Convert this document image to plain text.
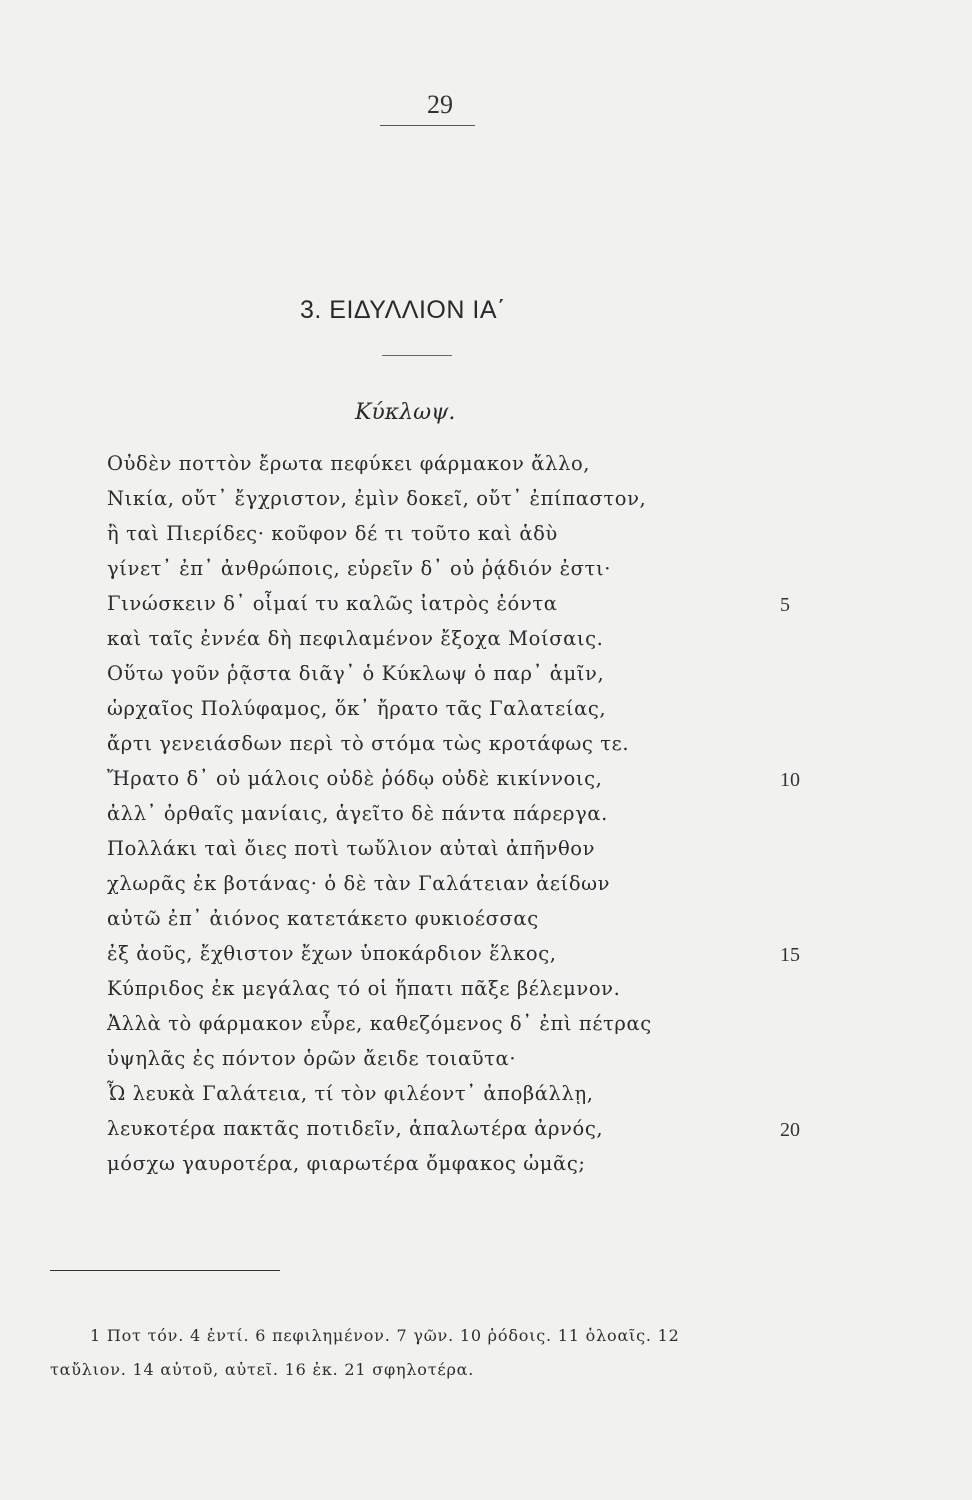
29
3. ΕΙΔΥΛΛΙΟΝ ΙΑ΄
Κύκλωψ.
Οὐδὲν ποττὸν ἔρωτα πεφύκει φάρμακον ἄλλο,
Νικία, οὔτ᾽ ἔγχριστον, ἐμὶν δοκεῖ, οὔτ᾽ ἐπίπαστον,
ἢ ταὶ Πιερίδες· κοῦφον δέ τι τοῦτο καὶ ἁδὺ
γίνετ᾽ ἐπ᾽ ἀνθρώποις, εὑρεῖν δ᾽ οὐ ῥᾴδιόν ἐστι·
Γινώσκειν δ᾽ οἶμαί τυ καλῶς ἰατρὸς ἐόντα
καὶ ταῖς ἐννέα δὴ πεφιλαμένον ἔξοχα Μοίσαις.
Οὕτω γοῦν ῥᾷστα διᾶγ᾽ ὁ Κύκλωψ ὁ παρ᾽ ἁμῖν,
ὡρχαῖος Πολύφαμος, ὅκ᾽ ἤρατο τᾶς Γαλατείας,
ἄρτι γενειάσδων περὶ τὸ στόμα τὼς κροτάφως τε.
Ἤρατο δ᾽ οὐ μάλοις οὐδὲ ῥόδῳ οὐδὲ κικίννοις,
ἀλλ᾽ ὀρθαῖς μανίαις, ἁγεῖτο δὲ πάντα πάρεργα.
Πολλάκι ταὶ ὄιες ποτὶ τωὔλιον αὐταὶ ἀπῆνθον
χλωρᾶς ἐκ βοτάνας· ὁ δὲ τὰν Γαλάτειαν ἀείδων
αὐτῶ ἐπ᾽ ἀιόνος κατετάκετο φυκιοέσσας
ἐξ ἀοῦς, ἔχθιστον ἔχων ὑποκάρδιον ἕλκος,
Κύπριδος ἐκ μεγάλας τό οἱ ἥπατι πᾶξε βέλεμνον.
Ἀλλὰ τὸ φάρμακον εὗρε, καθεζόμενος δ᾽ ἐπὶ πέτρας
ὑψηλᾶς ἐς πόντον ὁρῶν ἄειδε τοιαῦτα·
Ὦ λευκὰ Γαλάτεια, τί τὸν φιλέοντ᾽ ἀποβάλλῃ,
λευκοτέρα πακτᾶς ποτιδεῖν, ἁπαλωτέρα ἀρνός,
μόσχω γαυροτέρα, φιαρωτέρα ὄμφακος ὠμᾶς;
5
10
15
20
1 Ποτ τόν. 4 ἐντί. 6 πεφιλημένον. 7 γῶν. 10 ῥόδοις. 11 ὁλοαῖς. 12
ταὔλιον. 14 αὐτοῦ, αὐτεῖ. 16 ἐκ. 21 σφηλοτέρα.
